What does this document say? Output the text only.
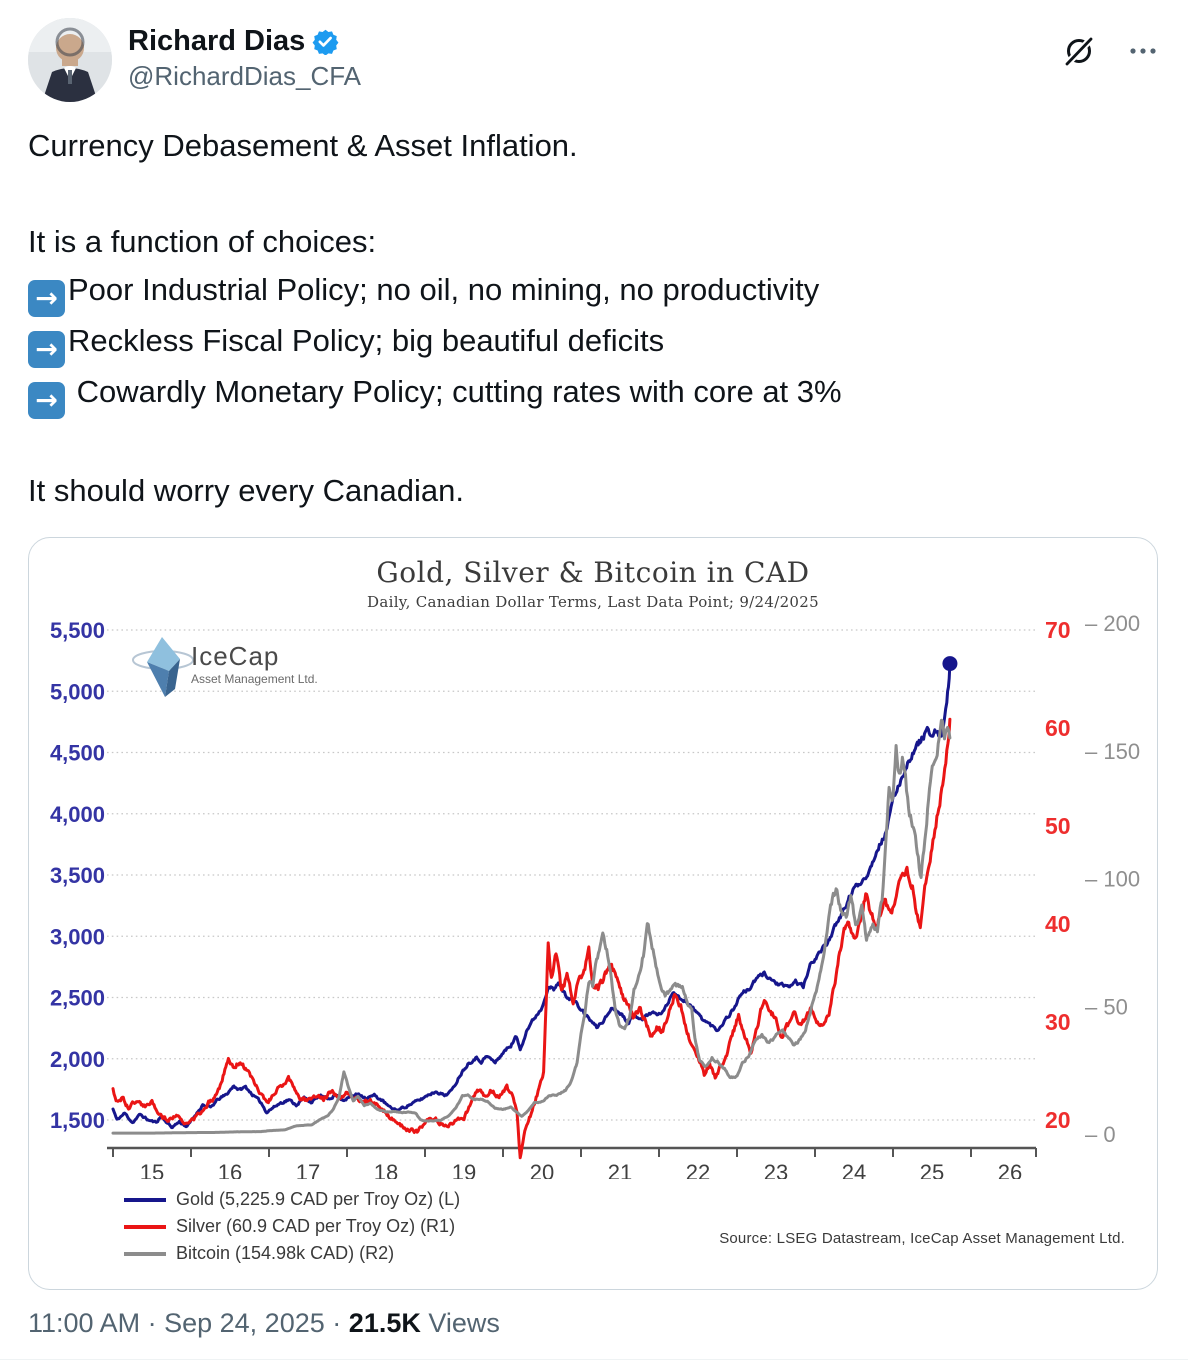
Richard Dias
@RichardDias_CFA
Currency Debasement & Asset Inflation.
It is a function of choices:
→ Poor Industrial Policy; no oil, no mining, no productivity
→ Reckless Fiscal Policy; big beautiful deficits
→ Cowardly Monetary Policy; cutting rates with core at 3%
It should worry every Canadian.
Gold, Silver & Bitcoin in CAD
Daily, Canadian Dollar Terms, Last Data Point; 9/24/2025
5,500
5,000
4,500
4,000
3,500
3,000
2,500
2,000
1,500
70
60
50
40
30
20
– 200
– 150
– 100
– 50
– 0
15 16 17 18 19 20 21 22 23 24 25 26
IceCap
Asset Management Ltd.
Gold (5,225.9 CAD per Troy Oz) (L)
Silver (60.9 CAD per Troy Oz) (R1)
Bitcoin (154.98k CAD) (R2)
Source: LSEG Datastream, IceCap Asset Management Ltd.
11:00 AM · Sep 24, 2025 · 21.5K Views
